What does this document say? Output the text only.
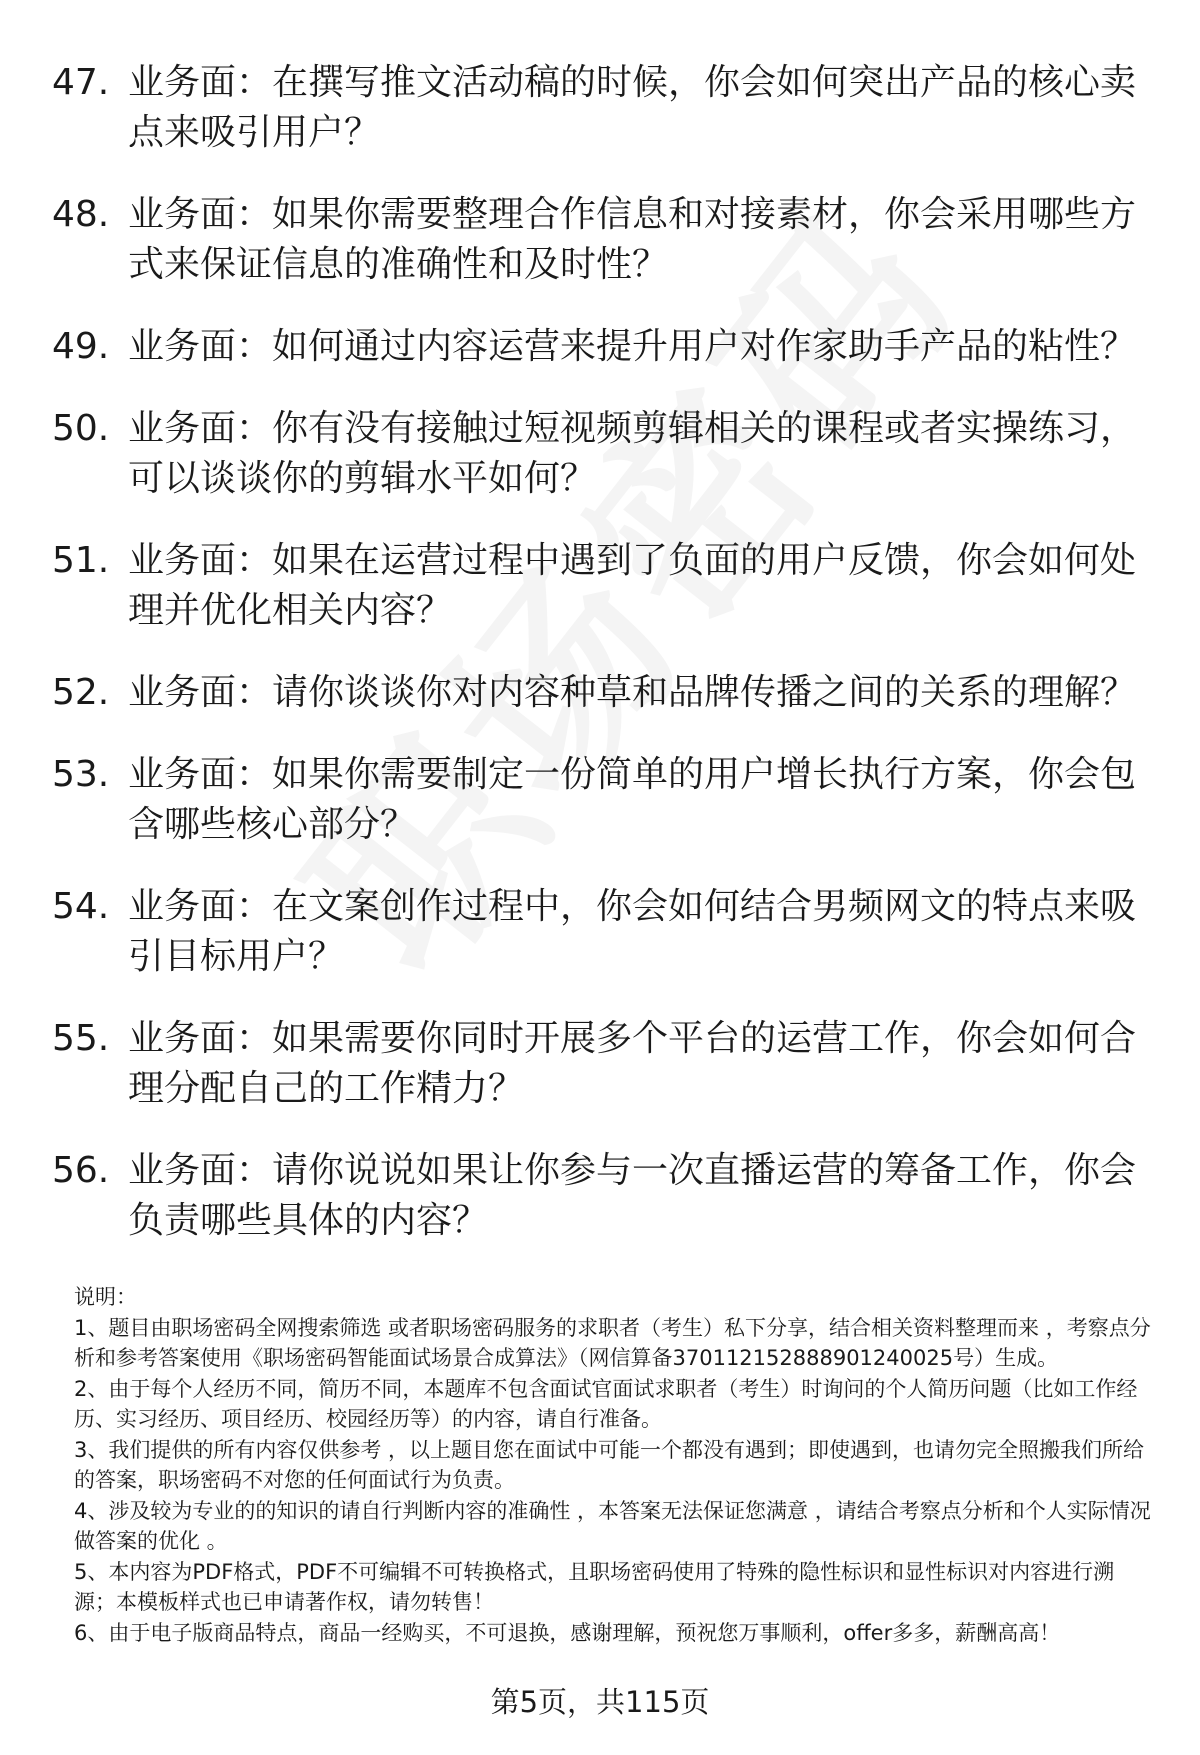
47. 业务面：在撰写推文活动稿的时候，你会如何突出产品的核心卖点来吸引用户？
48. 业务面：如果你需要整理合作信息和对接素材，你会采用哪些方式来保证信息的准确性和及时性？
49. 业务面：如何通过内容运营来提升用户对作家助手产品的粘性？
50. 业务面：你有没有接触过短视频剪辑相关的课程或者实操练习，可以谈谈你的剪辑水平如何？
51. 业务面：如果在运营过程中遇到了负面的用户反馈，你会如何处理并优化相关内容？
52. 业务面：请你谈谈你对内容种草和品牌传播之间的关系的理解？
53. 业务面：如果你需要制定一份简单的用户增长执行方案，你会包含哪些核心部分？
54. 业务面：在文案创作过程中，你会如何结合男频网文的特点来吸引目标用户？
55. 业务面：如果需要你同时开展多个平台的运营工作，你会如何合理分配自己的工作精力？
56. 业务面：请你说说如果让你参与一次直播运营的筹备工作，你会负责哪些具体的内容？

说明：

1、题目由职场密码全网搜索筛选 或者职场密码服务的求职者（考生）私下分享，结合相关资料整理而来 ，考察点分析和参考答案使用《职场密码智能面试场景合成算法》（网信算备370112152888901240025号）生成。

2、由于每个人经历不同，简历不同，本题库不包含面试官面试求职者（考生）时询问的个人简历问题（比如工作经历、实习经历、项目经历、校园经历等）的内容，请自行准备。

3、我们提供的所有内容仅供参考 ，以上题目您在面试中可能一个都没有遇到；即使遇到，也请勿完全照搬我们所给的答案，职场密码不对您的任何面试行为负责。

4、涉及较为专业的的知识的请自行判断内容的准确性 ，本答案无法保证您满意 ，请结合考察点分析和个人实际情况做答案的优化 。

5、本内容为PDF格式，PDF不可编辑不可转换格式，且职场密码使用了特殊的隐性标识和显性标识对内容进行溯源；本模板样式也已申请著作权，请勿转售！

6、由于电子版商品特点，商品一经购买，不可退换，感谢理解，预祝您万事顺利，offer多多，薪酬高高！

第5页，共115页
